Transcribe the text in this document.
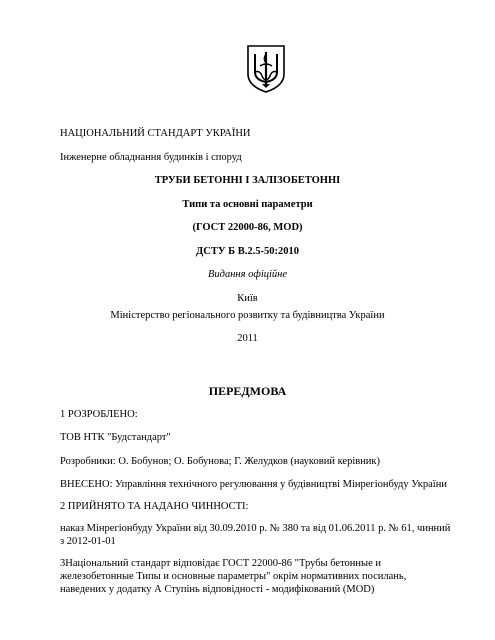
НАЦІОНАЛЬНИЙ СТАНДАРТ УКРАЇНИ
Інженерне обладнання будинків і споруд
ТРУБИ БЕТОННІ І ЗАЛІЗОБЕТОННІ
Типи та основні параметри
(ГОСТ 22000-86, MOD)
ДСТУ Б В.2.5-50:2010
Видання офіційне
Київ
Міністерство регіонального розвитку та будівництва України
2011
ПЕРЕДМОВА
1 РОЗРОБЛЕНО:
ТОВ НТК "Будстандарт"
Розробники: О. Бобунов; О. Бобунова; Г. Желудков (науковий керівник)
ВНЕСЕНО: Управління технічного регулювання у будівництві Мінрегіонбуду України
2 ПРИЙНЯТО ТА НАДАНО ЧИННОСТІ:
наказ Мінрегіонбуду України від 30.09.2010 р. № 380 та від 01.06.2011 р. № 61, чинний з 2012-01-01
3Національний стандарт відповідає ГОСТ 22000-86 "Трубы бетонные и железобетонные Типы и основные параметры" окрім нормативних посилань, наведених у додатку А Ступінь відповідності - модифікований (MOD)
